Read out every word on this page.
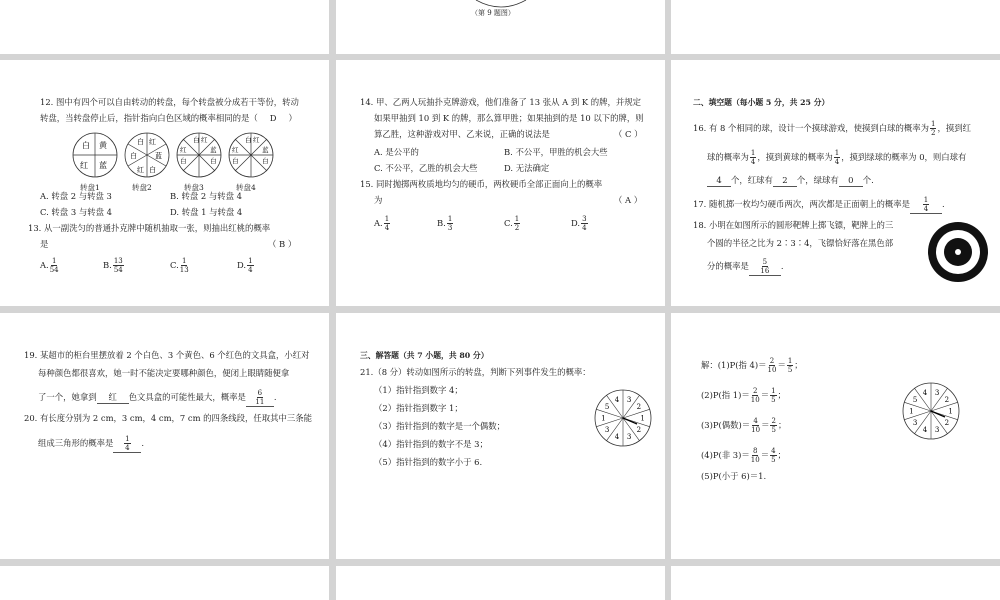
（第 9 题图）
12. 图中有四个可以自由转动的转盘，每个转盘被分成若干等份，转动
转盘，当转盘停止后，指针指向白色区域的概率相同的是（ D ）
白 黄
红 蓝
转盘1
红
白	蓝
白
红 白
转盘2
白 红
红
白
蓝
白
转盘3
白 红
红
白
蓝
白
转盘4
A. 转盘 2 与转盘 3	B. 转盘 2 与转盘 4
C. 转盘 3 与转盘 4	D. 转盘 1 与转盘 4
13. 从一副洗匀的普通扑克牌中随机抽取一张，则抽出红桃的概率
是	（ B ）
A. $\frac{1}{54}$	B. $\frac{13}{54}$	C. $\frac{1}{13}$	D. $\frac{1}{4}$
14. 甲、乙两人玩抽扑克牌游戏，他们准备了 13 张从 A 到 K 的牌，并规定
如果甲抽到 10 到 K 的牌，那么算甲胜；如果抽到的是 10 以下的牌，则
算乙胜，这种游戏对甲、乙来说，正确的说法是	（ C ）
A. 是公平的	B. 不公平，甲胜的机会大些
C. 不公平，乙胜的机会大些	D. 无法确定
15. 同时抛掷两枚质地均匀的硬币，两枚硬币全部正面向上的概率
为	（ A ）
A. $\frac{1}{4}$	B. $\frac{1}{3}$	C. $\frac{1}{2}$	D. $\frac{3}{4}$
二、填空题（每小题 5 分，共 25 分）
16. 有 8 个相同的球，设计一个摸球游戏，使摸到白球的概率为 $\frac{1}{2}$ ，摸到红
球的概率为 $\frac{1}{4}$ ，摸到黄球的概率为 $\frac{1}{4}$ ，摸到绿球的概率为 0，则白球有
4 个，红球有 2 个，绿球有 0 个.
17. 随机掷一枚均匀硬币两次，两次都是正面朝上的概率是 $\frac{1}{4}$ .
18. 小明在如图所示的圆形靶牌上掷飞镖，靶牌上的三
个圆的半径之比为 2∶3∶4，飞镖恰好落在黑色部
分的概率是 $\frac{5}{16}$ .
19. 某超市的柜台里摆放着 2 个白色、3 个黄色、6 个红色的文具盒，小红对
每种颜色都很喜欢，她一时不能决定要哪种颜色，便闭上眼睛随便拿
了一个，她拿到 红 色文具盒的可能性最大，概率是 $\frac{6}{11}$ .
20. 有长度分别为 2 cm，3 cm，4 cm，7 cm 的四条线段，任取其中三条能
组成三角形的概率是 $\frac{1}{4}$ .
三、解答题（共 7 小题，共 80 分）
21.（8 分）转动如图所示的转盘，判断下列事件发生的概率：
（1）指针指到数字 4；
（2）指针指到数字 1；
（3）指针指到的数字是一个偶数；
（4）指针指到的数字不是 3；
（5）指针指到的数字小于 6.
3
2
1
2
3
4
3
1
5
4
解：(1)P(指 $4)= \frac{2}{10} = \frac{1}{5}$ ；
(2)P(指 $1)= \frac{2}{10} = \frac{1}{5}$ ；
(3)P(偶数)＝ $\frac{4}{10} = \frac{2}{5}$ ；
(4)P(非 $3)= \frac{8}{10} = \frac{4}{5}$ ；
(5)P(小于 6)＝1.
3
2
1
2
3
4
3
1
5
4
